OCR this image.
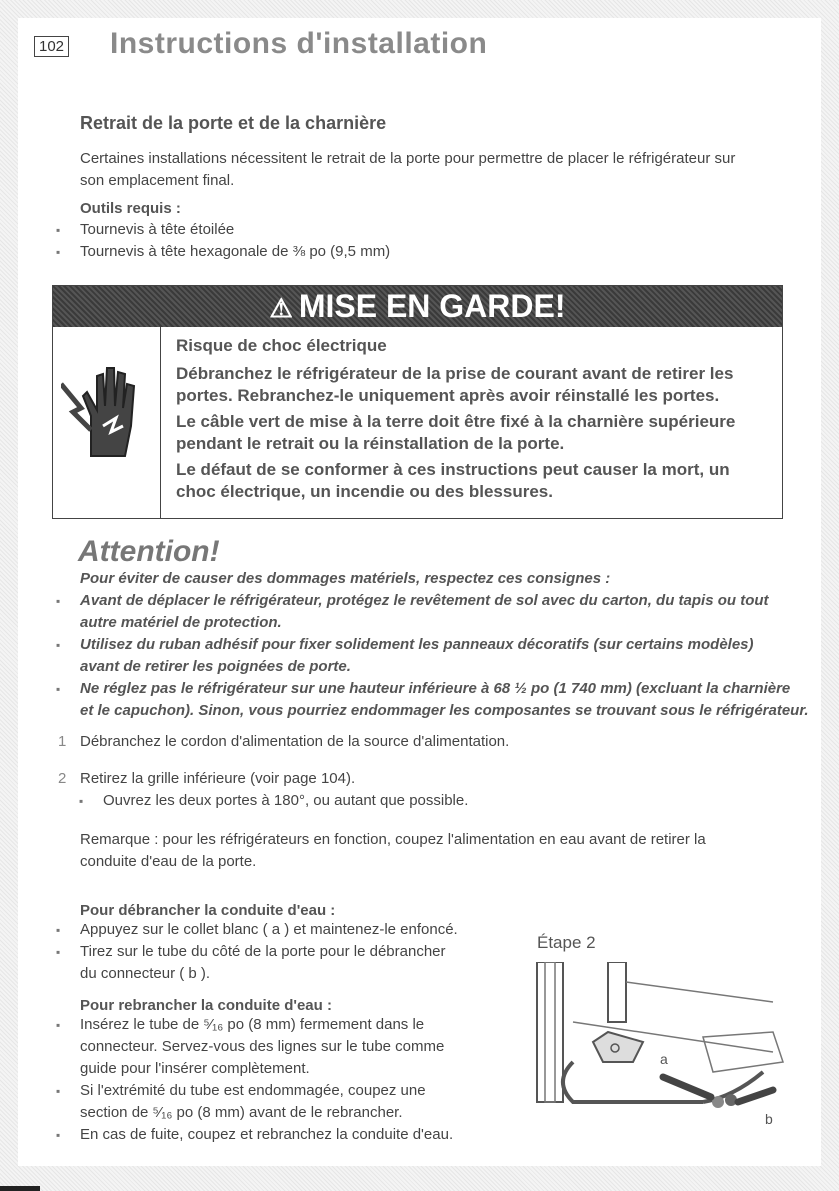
102 Instructions d'installation
Retrait de la porte et de la charnière
Certaines installations nécessitent le retrait de la porte pour permettre de placer le réfrigérateur sur
son emplacement final.
Outils requis :
▪ Tournevis à tête étoilée
▪ Tournevis à tête hexagonale de ⅜ po (9,5 mm)
⚠ MISE EN GARDE!
Risque de choc électrique
Débranchez le réfrigérateur de la prise de courant avant de retirer les
portes. Rebranchez-le uniquement après avoir réinstallé les portes.
Le câble vert de mise à la terre doit être fixé à la charnière supérieure
pendant le retrait ou la réinstallation de la porte.
Le défaut de se conformer à ces instructions peut causer la mort, un
choc électrique, un incendie ou des blessures.
Attention!
Pour éviter de causer des dommages matériels, respectez ces consignes :
▪ Avant de déplacer le réfrigérateur, protégez le revêtement de sol avec du carton, du tapis ou tout
autre matériel de protection.
▪ Utilisez du ruban adhésif pour fixer solidement les panneaux décoratifs (sur certains modèles)
avant de retirer les poignées de porte.
▪ Ne réglez pas le réfrigérateur sur une hauteur inférieure à 68 ½ po (1 740 mm) (excluant la charnière
et le capuchon). Sinon, vous pourriez endommager les composantes se trouvant sous le réfrigérateur.
1 Débranchez le cordon d'alimentation de la source d'alimentation.
2 Retirez la grille inférieure (voir page 104).
▪ Ouvrez les deux portes à 180°, ou autant que possible.
Remarque : pour les réfrigérateurs en fonction, coupez l'alimentation en eau avant de retirer la
conduite d'eau de la porte.
Pour débrancher la conduite d'eau :
▪ Appuyez sur le collet blanc ( a ) et maintenez-le enfoncé.
▪ Tirez sur le tube du côté de la porte pour le débrancher
du connecteur ( b ).
Pour rebrancher la conduite d'eau :
▪ Insérez le tube de ⁵⁄₁₆ po (8 mm) fermement dans le
connecteur. Servez-vous des lignes sur le tube comme
guide pour l'insérer complètement.
▪ Si l'extrémité du tube est endommagée, coupez une
section de ⁵⁄₁₆ po (8 mm) avant de le rebrancher.
▪ En cas de fuite, coupez et rebranchez la conduite d'eau.
Étape 2
a
b
